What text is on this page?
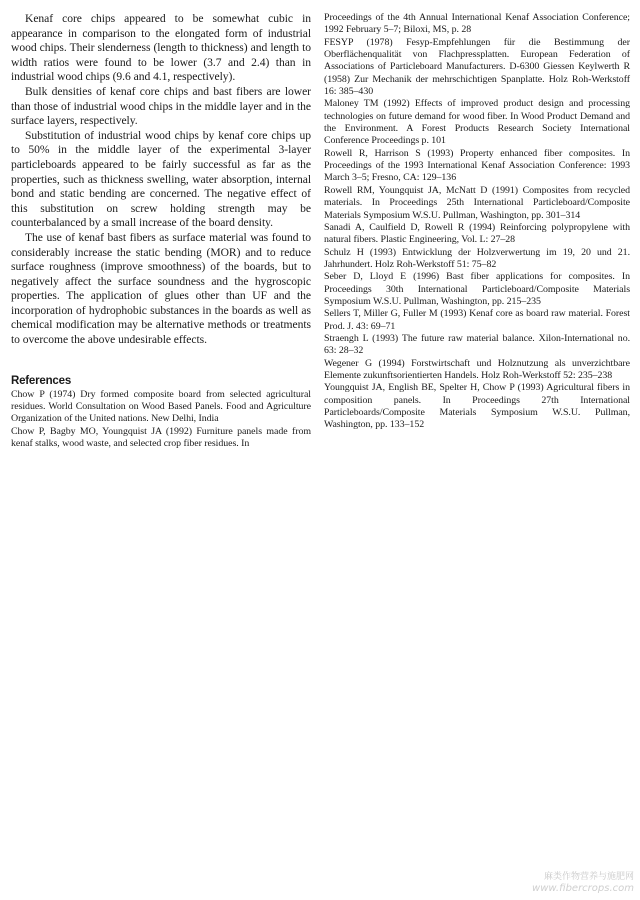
Kenaf core chips appeared to be somewhat cubic in appearance in comparison to the elongated form of industrial wood chips. Their slenderness (length to thickness) and length to width ratios were found to be lower (3.7 and 2.4) than in industrial wood chips (9.6 and 4.1, respectively).

Bulk densities of kenaf core chips and bast fibers are lower than those of industrial wood chips in the middle layer and in the surface layers, respectively.

Substitution of industrial wood chips by kenaf core chips up to 50% in the middle layer of the experimental 3-layer particleboards appeared to be fairly successful as far as the properties, such as thickness swelling, water absorption, internal bond and static bending are concerned. The negative effect of this substitution on screw holding strength may be counterbalanced by a small increase of the board density.

The use of kenaf bast fibers as surface material was found to considerably increase the static bending (MOR) and to reduce surface roughness (improve smoothness) of the boards, but to negatively affect the surface soundness and the hygroscopic properties. The application of glues other than UF and the incorporation of hydrophobic substances in the boards as well as chemical modification may be alternative methods or treatments to overcome the above undesirable effects.

References

Chow P (1974) Dry formed composite board from selected agricultural residues. World Consultation on Wood Based Panels. Food and Agriculture Organization of the United nations. New Delhi, India

Chow P, Bagby MO, Youngquist JA (1992) Furniture panels made from kenaf stalks, wood waste, and selected crop fiber residues. In

Proceedings of the 4th Annual International Kenaf Association Conference; 1992 February 5–7; Biloxi, MS, p. 28

FESYP (1978) Fesyp-Empfehlungen für die Bestimmung der Oberflächenqualität von Flachpressplatten. European Federation of Associations of Particleboard Manufacturers. D-6300 Giessen Keylwerth R (1958) Zur Mechanik der mehrschichtigen Spanplatte. Holz Roh-Werkstoff 16: 385–430

Maloney TM (1992) Effects of improved product design and processing technologies on future demand for wood fiber. In Wood Product Demand and the Environment. A Forest Products Research Society International Conference Proceedings p. 101

Rowell R, Harrison S (1993) Property enhanced fiber composites. In Proceedings of the 1993 International Kenaf Association Conference: 1993 March 3–5; Fresno, CA: 129–136

Rowell RM, Youngquist JA, McNatt D (1991) Composites from recycled materials. In Proceedings 25th International Particleboard/Composite Materials Symposium W.S.U. Pullman, Washington, pp. 301–314

Sanadi A, Caulfield D, Rowell R (1994) Reinforcing polypropylene with natural fibers. Plastic Engineering, Vol. L: 27–28

Schulz H (1993) Entwicklung der Holzverwertung im 19, 20 und 21. Jahrhundert. Holz Roh-Werkstoff 51: 75–82

Seber D, Lloyd E (1996) Bast fiber applications for composites. In Proceedings 30th International Particleboard/Composite Materials Symposium W.S.U. Pullman, Washington, pp. 215–235

Sellers T, Miller G, Fuller M (1993) Kenaf core as board raw material. Forest Prod. J. 43: 69–71

Straengh L (1993) The future raw material balance. Xilon-International no. 63: 28–32

Wegener G (1994) Forstwirtschaft und Holznutzung als unverzichtbare Elemente zukunftsorientierten Handels. Holz Roh-Werkstoff 52: 235–238

Youngquist JA, English BE, Spelter H, Chow P (1993) Agricultural fibers in composition panels. In Proceedings 27th International Particleboards/Composite Materials Symposium W.S.U. Pullman, Washington, pp. 133–152

麻类作物营养与施肥网
www.fibercrops.com
